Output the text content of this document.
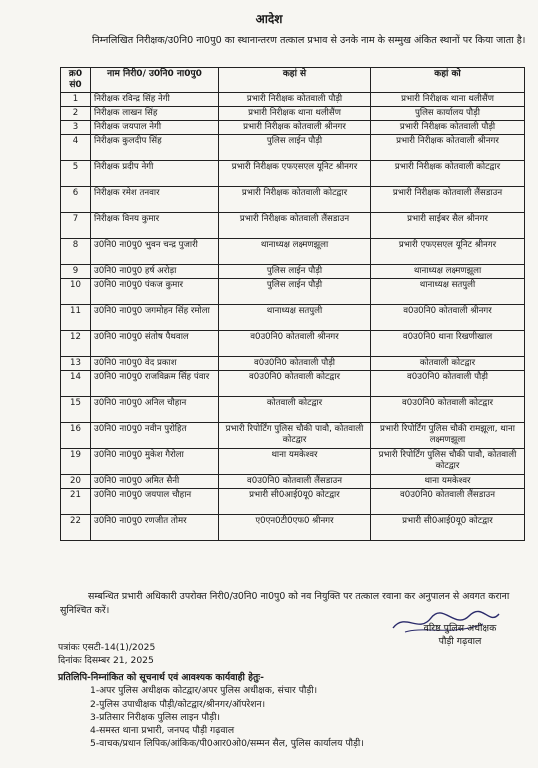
आदेश
निम्नलिखित निरीक्षक/उ0नि0 ना0पु0 का स्थानान्तरण तत्काल प्रभाव से उनके नाम के सम्मुख अंकित स्थानों पर किया जाता है।
क्र0 सं0	नाम निरी0/ उ0नि0 ना0पु0	कहां से	कहां को
1	निरीक्षक रविन्द्र सिंह नेगी	प्रभारी निरीक्षक कोतवाली पौड़ी	प्रभारी निरीक्षक थाना थलीसैंण
2	निरीक्षक लाखन सिंह	प्रभारी निरीक्षक थाना थलीसैंण	पुलिस कार्यालय पौड़ी
3	निरीक्षक जयपाल नेगी	प्रभारी निरीक्षक कोतवाली श्रीनगर	प्रभारी निरीक्षक कोतवाली पौड़ी
4	निरीक्षक कुलदीप सिंह	पुलिस लाईन पौड़ी	प्रभारी निरीक्षक कोतवाली श्रीनगर
5	निरीक्षक प्रदीप नेगी	प्रभारी निरीक्षक एफएसएल यूनिट श्रीनगर	प्रभारी निरीक्षक कोतवाली कोटद्वार
6	निरीक्षक रमेश तनवार	प्रभारी निरीक्षक कोतवाली कोटद्वार	प्रभारी निरीक्षक कोतवाली लैंसडाउन
7	निरीक्षक विनय कुमार	प्रभारी निरीक्षक कोतवाली लैंसडाउन	प्रभारी साईबर सैल श्रीनगर
8	उ0नि0 ना0पु0 भुवन चन्द्र पुजारी	थानाध्यक्ष लक्ष्मणझूला	प्रभारी एफएसएल यूनिट श्रीनगर
9	उ0नि0 ना0पु0 हर्ष अरोड़ा	पुलिस लाईन पौड़ी	थानाध्यक्ष लक्ष्मणझूला
10	उ0नि0 ना0पु0 पंकज कुमार	पुलिस लाईन पौड़ी	थानाध्यक्ष सतपुली
11	उ0नि0 ना0पु0 जगमोहन सिंह रमोला	थानाध्यक्ष सतपुली	व0उ0नि0 कोतवाली श्रीनगर
12	उ0नि0 ना0पु0 संतोष पैथवाल	व0उ0नि0 कोतवाली श्रीनगर	व0उ0नि0 थाना रिखणीखाल
13	उ0नि0 ना0पु0 वेद प्रकाश	व0उ0नि0 कोतवाली पौड़ी	कोतवाली कोटद्वार
14	उ0नि0 ना0पु0 राजविक्रम सिंह पंवार	व0उ0नि0 कोतवाली कोटद्वार	व0उ0नि0 कोतवाली पौड़ी
15	उ0नि0 ना0पु0 अनिल चौहान	कोतवाली कोटद्वार	व0उ0नि0 कोतवाली कोटद्वार
16	उ0नि0 ना0पु0 नवीन पुरोहित	प्रभारी रिपोर्टिंग पुलिस चौकी पावौ, कोतवाली कोटद्वार	प्रभारी रिपोर्टिंग पुलिस चौकी रामझूला, थाना लक्ष्मणझूला
19	उ0नि0 ना0पु0 मुकेश गैरोला	थाना यमकेश्वर	प्रभारी रिपोर्टिंग पुलिस चौकी पावौ, कोतवाली कोटद्वार
20	उ0नि0 ना0पु0 अमित सैनी	व0उ0नि0 कोतवाली लैंसडाउन	थाना यमकेश्वर
21	उ0नि0 ना0पु0 जयपाल चौहान	प्रभारी सी0आई0यू0 कोटद्वार	व0उ0नि0 कोतवाली लैंसडाउन
22	उ0नि0 ना0पु0 रणजीत तोमर	ए0एन0टी0एफ0 श्रीनगर	प्रभारी सी0आई0यू0 कोटद्वार
सम्बन्धित प्रभारी अधिकारी उपरोक्त निरी0/उ0नि0 ना0पु0 को नव नियुक्ति पर तत्काल रवाना कर अनुपालन से अवगत कराना सुनिश्चित करें।
वरिष्ठ पुलिस अधीक्षक
पौड़ी गढ़वाल
पत्रांकः एसटी-14(1)/2025
दिनांकः दिसम्बर 21, 2025
प्रतिलिपि-निम्नांकित को सूचनार्थ एवं आवश्यक कार्यवाही हेतुः-
1-अपर पुलिस अधीक्षक कोटद्वार/अपर पुलिस अधीक्षक, संचार पौड़ी।
2-पुलिस उपाधीक्षक पौड़ी/कोटद्वार/श्रीनगर/ऑपरेशन।
3-प्रतिसार निरीक्षक पुलिस लाइन पौड़ी।
4-समस्त थाना प्रभारी, जनपद पौड़ी गढ़वाल
5-वाचक/प्रधान लिपिक/आंकिक/पी0आर0ओ0/सम्मन सैल, पुलिस कार्यालय पौड़ी।
